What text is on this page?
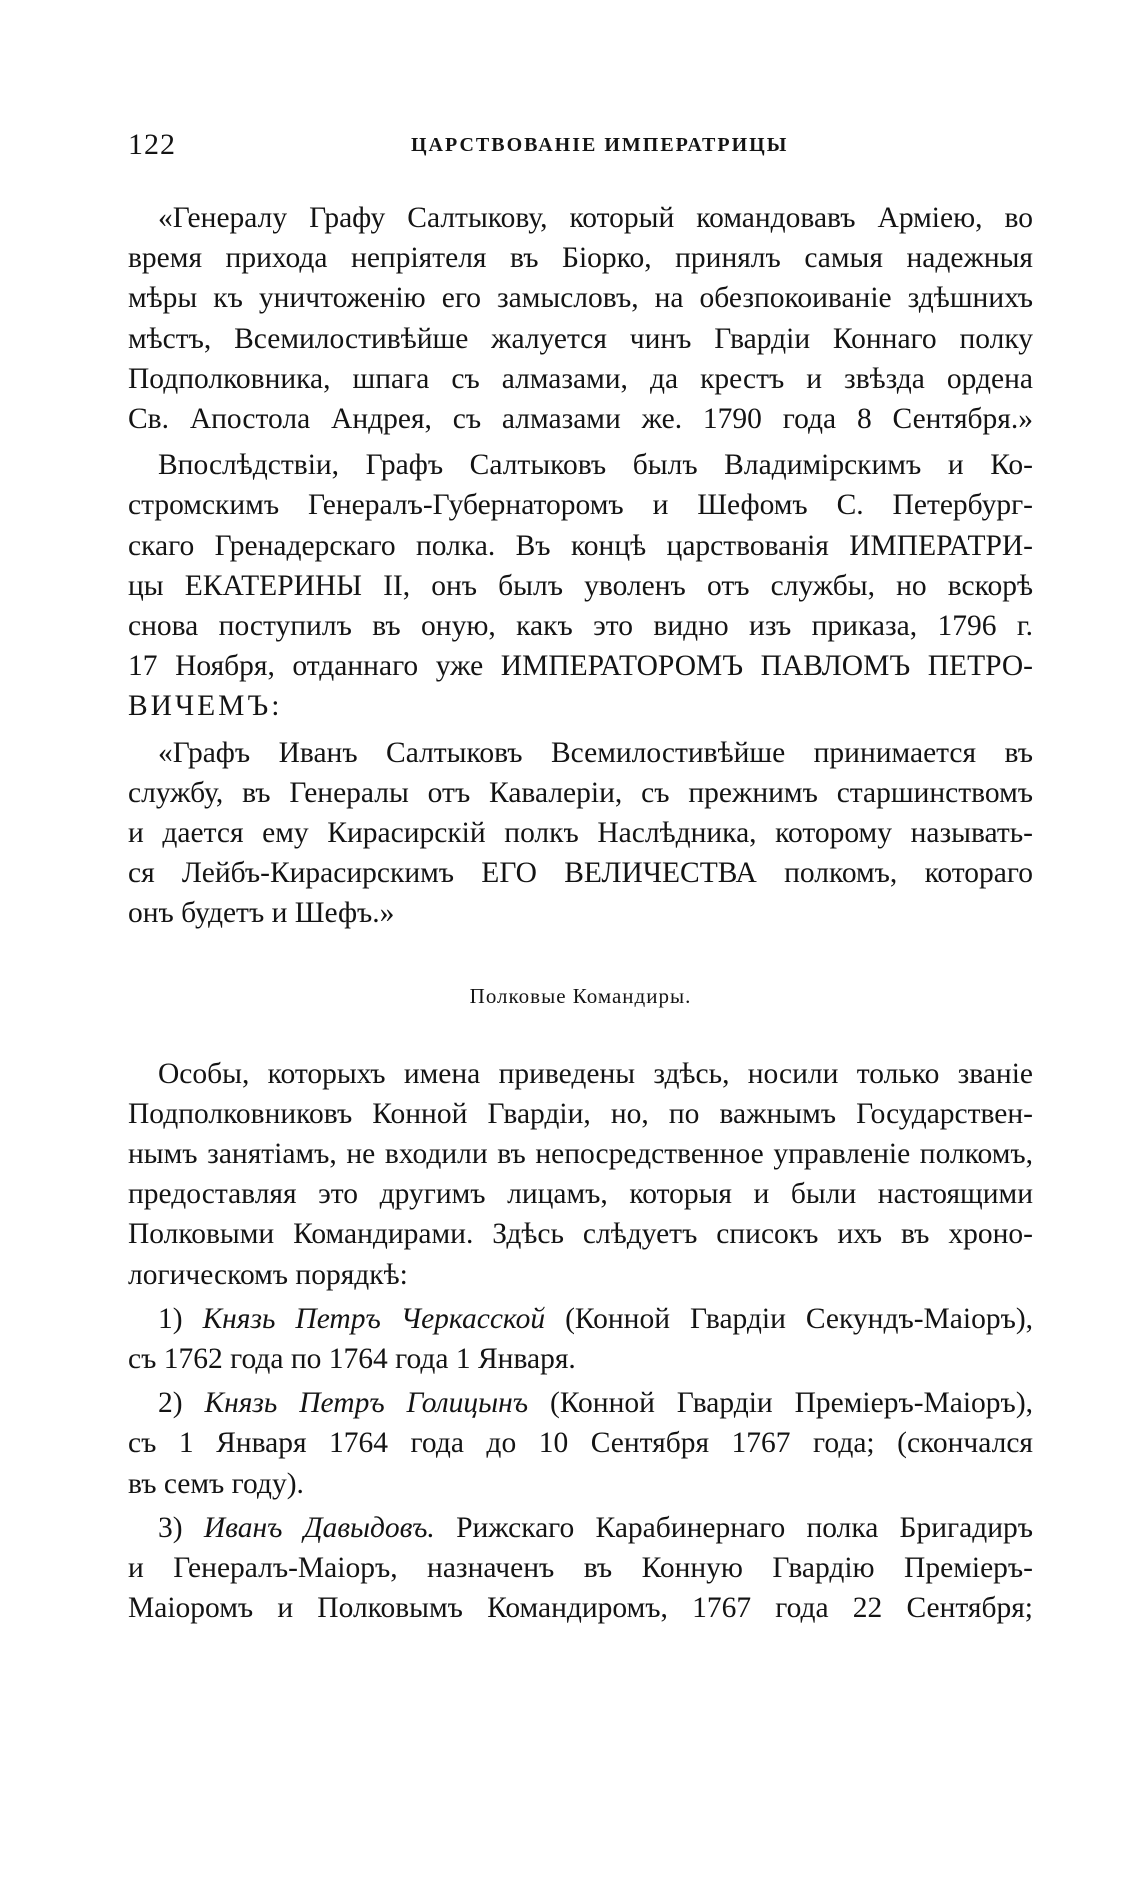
122	ЦАРСТВОВАНІЕ ИМПЕРАТРИЦЫ

«Генералу Графу Салтыкову, который командовавъ Арміею, во
время прихода непріятеля въ Біорко, принялъ самыя надежныя
мѣры къ уничтоженію его замысловъ, на обезпокоиваніе здѣшнихъ
мѣстъ, Всемилостивѣйше жалуется чинъ Гвардіи Коннаго полку
Подполковника, шпага съ алмазами, да крестъ и звѣзда ордена
Св. Апостола Андрея, съ алмазами же. 1790 года 8 Сентября.»

Впослѣдствіи, Графъ Салтыковъ былъ Владимірскимъ и Ко-
стромскимъ Генералъ-Губернаторомъ и Шефомъ С. Петербург-
скаго Гренадерскаго полка. Въ концѣ царствованія ИМПЕРАТРИ-
цы ЕКАТЕРИНЫ II, онъ былъ уволенъ отъ службы, но вскорѣ
снова поступилъ въ оную, какъ это видно изъ приказа, 1796 г.
17 Ноября, отданнаго уже ИМПЕРАТОРОМЪ ПАВЛОМЪ ПЕТРО-
ВИЧЕМЪ:

«Графъ Иванъ Салтыковъ Всемилостивѣйше принимается въ
службу, въ Генералы отъ Кавалеріи, съ прежнимъ старшинствомъ
и дается ему Кирасирскій полкъ Наслѣдника, которому называть-
ся Лейбъ-Кирасирскимъ ЕГО ВЕЛИЧЕСТВА полкомъ, котораго
онъ будетъ и Шефъ.»

Полковые Командиры.

Особы, которыхъ имена приведены здѣсь, носили только званіе
Подполковниковъ Конной Гвардіи, но, по важнымъ Государствен-
нымъ занятіамъ, не входили въ непосредственное управленіе полкомъ,
предоставляя это другимъ лицамъ, которыя и были настоящими
Полковыми Командирами. Здѣсь слѣдуетъ списокъ ихъ въ хроно-
логическомъ порядкѣ:

1) Князь Петръ Черкасской (Конной Гвардіи Секундъ-Маіоръ),
съ 1762 года по 1764 года 1 Января.

2) Князь Петръ Голицынъ (Конной Гвардіи Преміеръ-Маіоръ),
съ 1 Января 1764 года до 10 Сентября 1767 года; (скончался
въ семъ году).

3) Иванъ Давыдовъ. Рижскаго Карабинернаго полка Бригадиръ
и Генералъ-Маіоръ, назначенъ въ Конную Гвардію Преміеръ-
Маіоромъ и Полковымъ Командиромъ, 1767 года 22 Сентября;
